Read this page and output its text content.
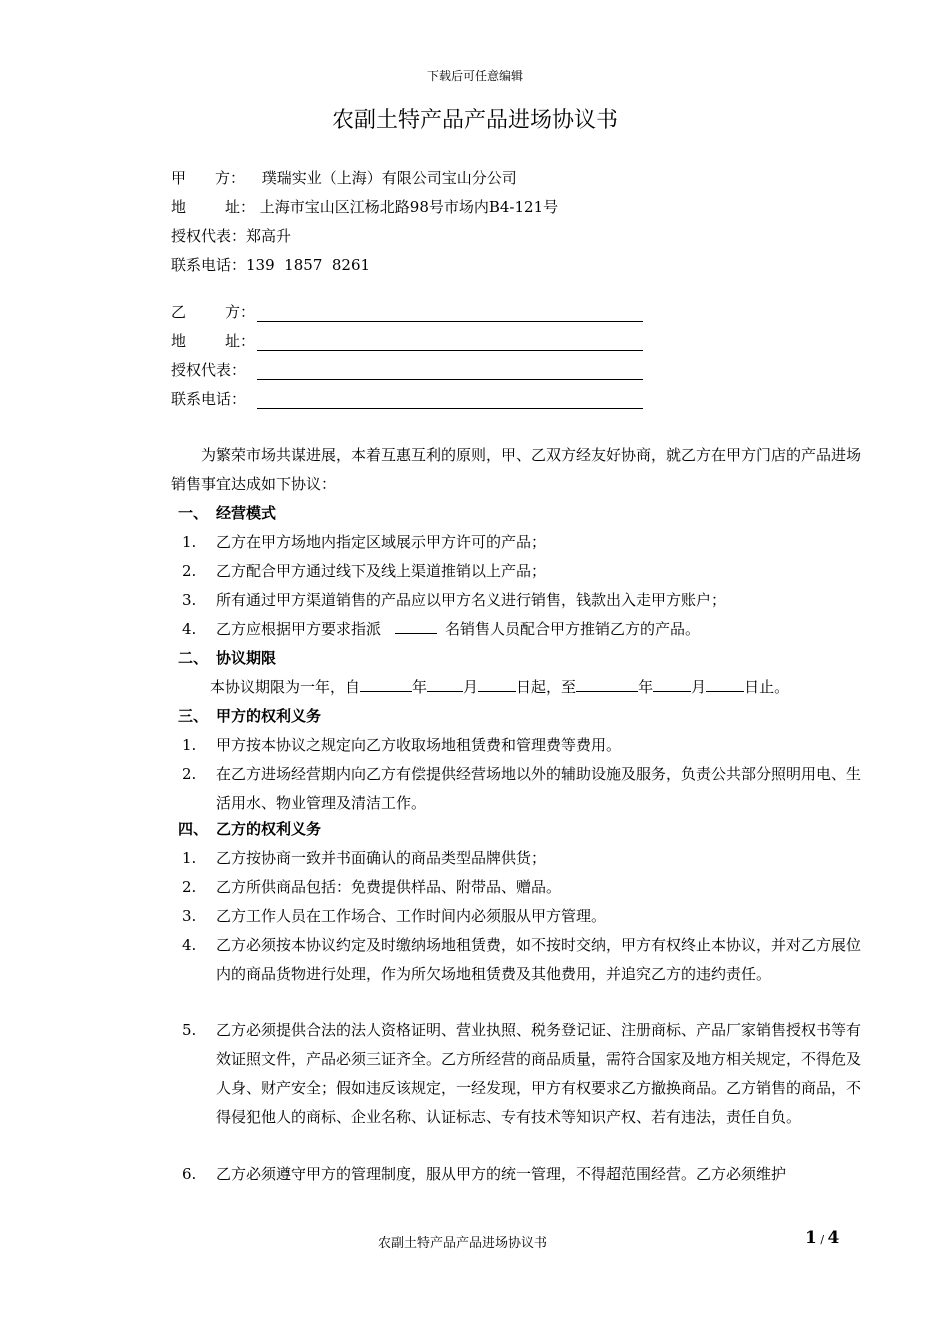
下载后可任意编辑
农副土特产品产品进场协议书
甲 方： 璞瑞实业（上海）有限公司宝山分公司
地	址： 上海市宝山区江杨北路98号市场内B4-121号
授权代表：郑高升
联系电话：139  1857  8261
乙	方：
地	址：
授权代表：
联系电话：
为繁荣市场共谋进展，本着互惠互利的原则，甲、乙双方经友好协商，就乙方在甲方门店的产品进场销售事宜达成如下协议：
一、 经营模式
1. 乙方在甲方场地内指定区域展示甲方许可的产品；
2. 乙方配合甲方通过线下及线上渠道推销以上产品；
3. 所有通过甲方渠道销售的产品应以甲方名义进行销售，钱款出入走甲方账户；
4. 乙方应根据甲方要求指派	名销售人员配合甲方推销乙方的产品。
二、 协议期限
本协议期限为一年，自	年 月	日起，至	年	月	日止。
三、 甲方的权利义务
1. 甲方按本协议之规定向乙方收取场地租赁费和管理费等费用。
2. 在乙方进场经营期内向乙方有偿提供经营场地以外的辅助设施及服务，负责公共部分照明用电、生活用水、物业管理及清洁工作。
四、 乙方的权利义务
1. 乙方按协商一致并书面确认的商品类型品牌供货；
2. 乙方所供商品包括：免费提供样品、附带品、赠品。
3. 乙方工作人员在工作场合、工作时间内必须服从甲方管理。
4. 乙方必须按本协议约定及时缴纳场地租赁费，如不按时交纳，甲方有权终止本协议，并对乙方展位内的商品货物进行处理，作为所欠场地租赁费及其他费用，并追究乙方的违约责任。
5. 乙方必须提供合法的法人资格证明、营业执照、税务登记证、注册商标、产品厂家销售授权书等有效证照文件，产品必须三证齐全。乙方所经营的商品质量，需符合国家及地方相关规定，不得危及人身、财产安全；假如违反该规定，一经发现，甲方有权要求乙方撤换商品。乙方销售的商品，不得侵犯他人的商标、企业名称、认证标志、专有技术等知识产权、若有违法，责任自负。
6. 乙方必须遵守甲方的管理制度，服从甲方的统一管理，不得超范围经营。乙方必须维护
农副土特产品产品进场协议书	1 / 4
